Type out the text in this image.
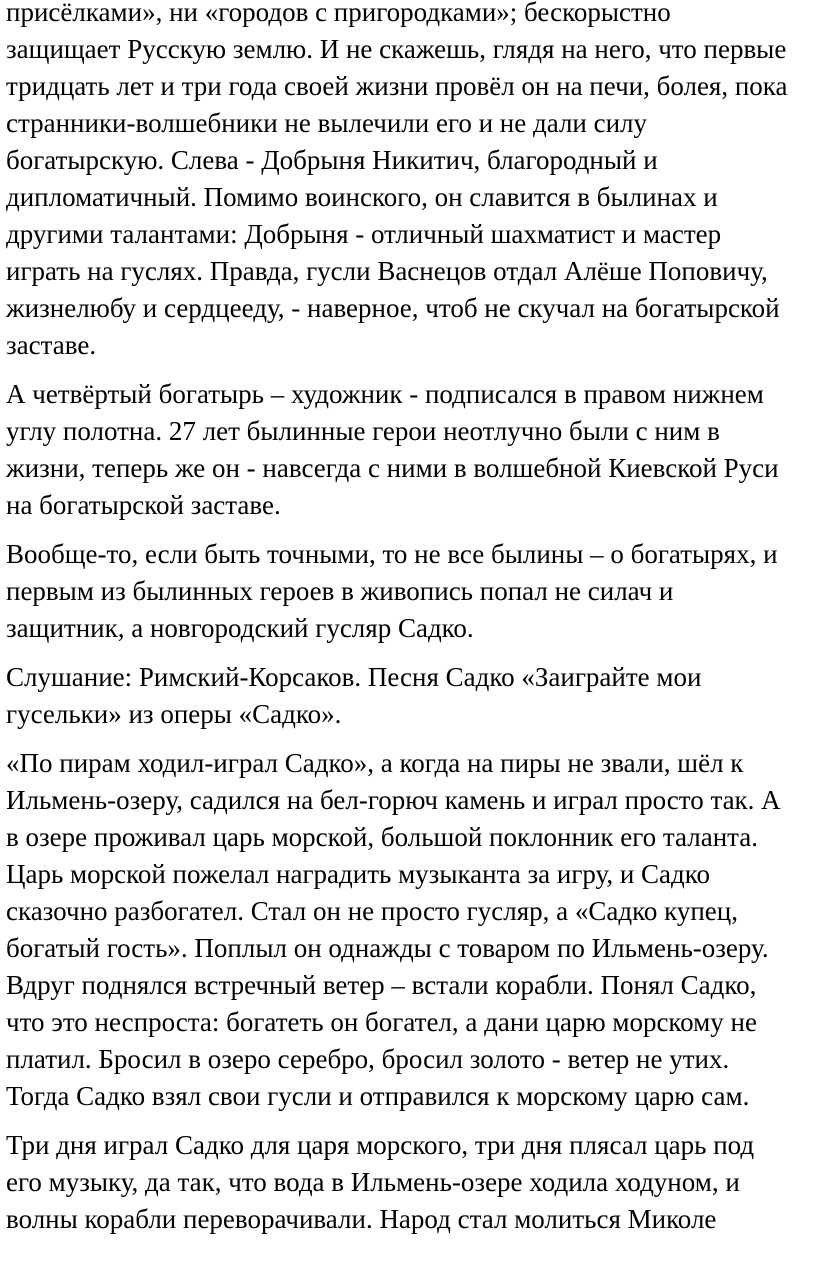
присёлками», ни «городов с пригородками»; бескорыстно
защищает Русскую землю. И не скажешь, глядя на него, что первые
тридцать лет и три года своей жизни провёл он на печи, болея, пока
странники-волшебники не вылечили его и не дали силу
богатырскую. Слева - Добрыня Никитич, благородный и
дипломатичный. Помимо воинского, он славится в былинах и
другими талантами: Добрыня - отличный шахматист и мастер
играть на гуслях. Правда, гусли Васнецов отдал Алёше Поповичу,
жизнелюбу и сердцееду, - наверное, чтоб не скучал на богатырской
заставе.

А четвёртый богатырь – художник - подписался в правом нижнем
углу полотна. 27 лет былинные герои неотлучно были с ним в
жизни, теперь же он - навсегда с ними в волшебной Киевской Руси
на богатырской заставе.

Вообще-то, если быть точными, то не все былины – о богатырях, и
первым из былинных героев в живопись попал не силач и
защитник, а новгородский гусляр Садко.

Слушание: Римский-Корсаков. Песня Садко «Заиграйте мои
гусельки» из оперы «Садко».

«По пирам ходил-играл Садко», а когда на пиры не звали, шёл к
Ильмень-озеру, садился на бел-горюч камень и играл просто так. А
в озере проживал царь морской, большой поклонник его таланта.
Царь морской пожелал наградить музыканта за игру, и Садко
сказочно разбогател. Стал он не просто гусляр, а «Садко купец,
богатый гость». Поплыл он однажды с товаром по Ильмень-озеру.
Вдруг поднялся встречный ветер – встали корабли. Понял Садко,
что это неспроста: богатеть он богател, а дани царю морскому не
платил. Бросил в озеро серебро, бросил золото - ветер не утих.
Тогда Садко взял свои гусли и отправился к морскому царю сам.

Три дня играл Садко для царя морского, три дня плясал царь под
его музыку, да так, что вода в Ильмень-озере ходила ходуном, и
волны корабли переворачивали. Народ стал молиться Миколе
